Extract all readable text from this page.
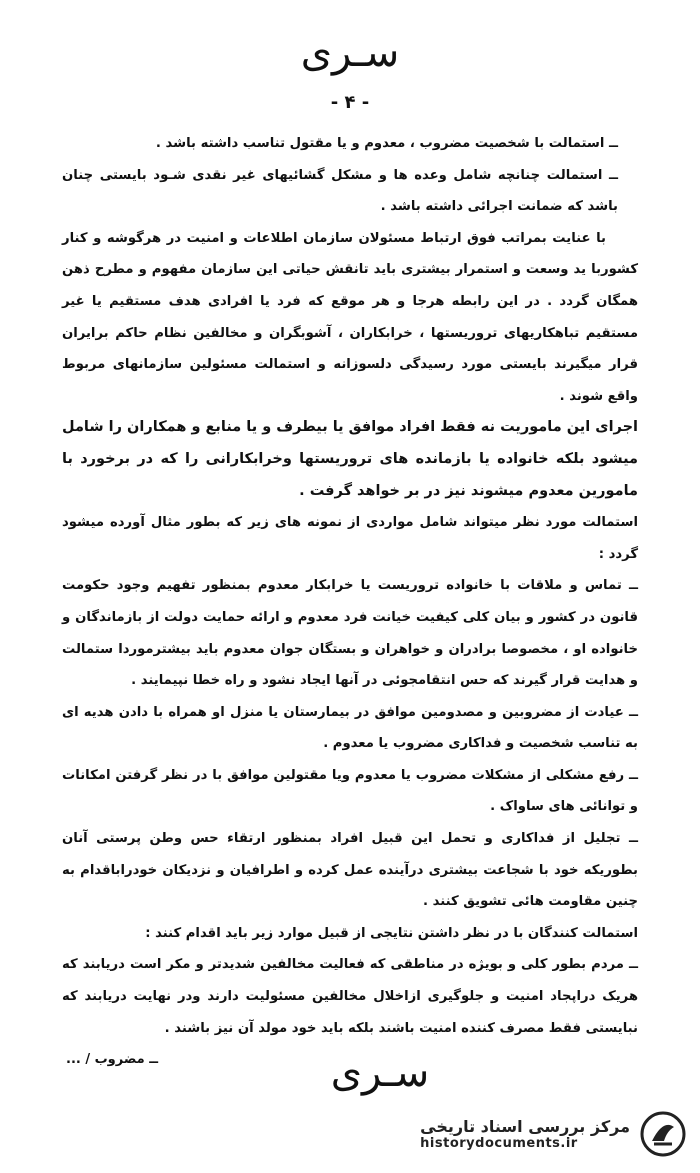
سـری
- ۴ -

ــ استمالت با شخصیت مضروب ، معدوم و یا مقتول تناسب داشته باشد .

ــ استمالت چنانچه شامل وعده ها و مشکل گشائیهای غیر نقدی شـود بایستی چنان باشد که ضمانت اجرائی داشته باشد .

با عنایت بمراتب فوق ارتباط مسئولان سازمان اطلاعات و امنیت در هرگوشه و کنار کشوربا ید وسعت و استمرار بیشتری باید تانقش حیاتی این سازمان مفهوم و مطرح ذهن همگان گردد . در این رابطه هرجا و هر موقع که فرد یا افرادی هدف مستقیم یا غیر مستقیم تباهکاریهای تروریستها ، خرابکاران ، آشوبگران و مخالفین نظام حاکم برایران قرار میگیرند بایستی مورد رسیدگی دلسوزانه و استمالت مسئولین سازمانهای مربوط واقع شوند .

اجرای این ماموریت نه فقط افراد موافق یا بیطرف و یا منابع و همکاران را شامل میشود بلکه خانواده یا بازمانده های تروریستها وخرابکارانی را که در برخورد با مامورین معدوم میشوند نیز در بر خواهد گرفت .

استمالت مورد نظر میتواند شامل مواردی از نمونه های زیر که بطور مثال آورده میشود گردد :

ــ تماس و ملاقات با خانواده تروریست یا خرابکار معدوم بمنظور تفهیم وجود حکومت قانون در کشور و بیان کلی کیفیت خیانت فرد معدوم و ارائه حمایت دولت از بازماندگان و خانواده او ، مخصوصا برادران و خواهران و بستگان جوان معدوم باید بیشترموردا ستمالت و هدایت قرار گیرند که حس انتقامجوئی در آنها ایجاد نشود و راه خطا نپیمایند .

ــ عیادت از مضروبین و مصدومین موافق در بیمارستان یا منزل او همراه با دادن هدیه ای به تناسب شخصیت و فداکاری مضروب یا معدوم .

ــ رفع مشکلی از مشکلات مضروب یا معدوم ویا مقتولین موافق با در نظر گرفتن امکانات و توانائی های ساواک .

ــ تجلیل از فداکاری و تحمل این قبیل افراد بمنظور ارتقاء حس وطن پرستی آنان بطوریکه خود با شجاعت بیشتری درآینده عمل کرده و اطرافیان و نزدیکان خودراباقدام به چنین مقاومت هائی تشویق کنند .

استمالت کنندگان با در نظر داشتن نتایجی از قبیل موارد زیر باید اقدام کنند :

ــ مردم بطور کلی و بویژه در مناطقی که فعالیت مخالفین شدیدتر و مکر است دریابند که هریک دراپجاد امنیت و جلوگیری ازاخلال مخالفین مسئولیت دارند ودر نهایت دریابند که نبایستی فقط مصرف کننده امنیت باشند بلکه باید خود مولد آن نیز باشند .

ــ مضروب / ...	سـری
مرکز بررسی اسناد تاریخی
historydocuments.ir
